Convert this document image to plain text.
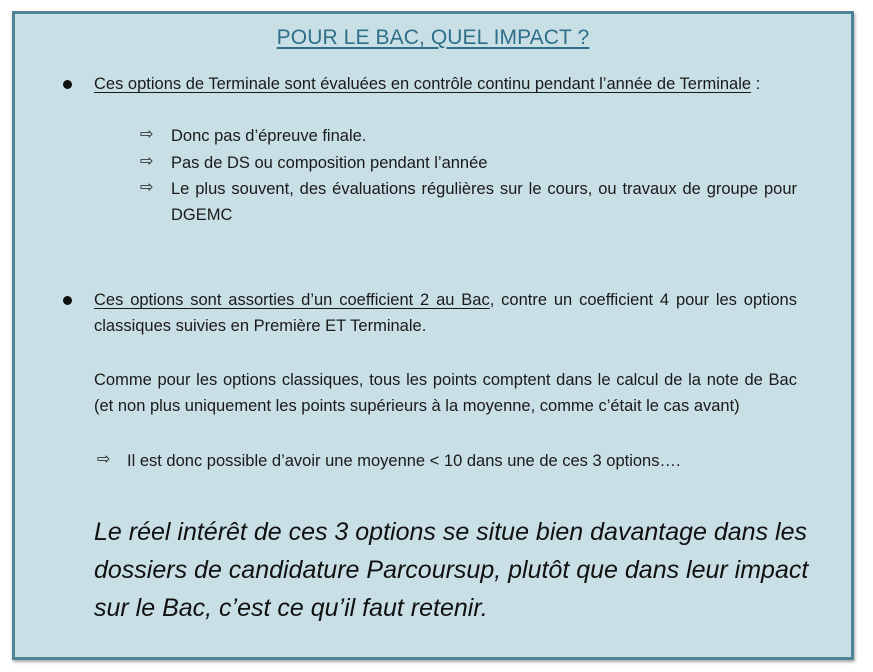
POUR LE BAC, QUEL IMPACT ?
Ces options de Terminale sont évaluées en contrôle continu pendant l’année de Terminale :
⇨	Donc pas d’épreuve finale.
⇨	Pas de DS ou composition pendant l’année
⇨	Le plus souvent, des évaluations régulières sur le cours, ou travaux de groupe pour DGEMC
Ces options sont assorties d’un coefficient 2 au Bac, contre un coefficient 4 pour les options classiques suivies en Première ET Terminale.
Comme pour les options classiques, tous les points comptent dans le calcul de la note de Bac (et non plus uniquement les points supérieurs à la moyenne, comme c’était le cas avant)
⇨	Il est donc possible d’avoir une moyenne < 10 dans une de ces 3 options….
Le réel intérêt de ces 3 options se situe bien davantage dans les dossiers de candidature Parcoursup, plutôt que dans leur impact sur le Bac, c’est ce qu’il faut retenir.
